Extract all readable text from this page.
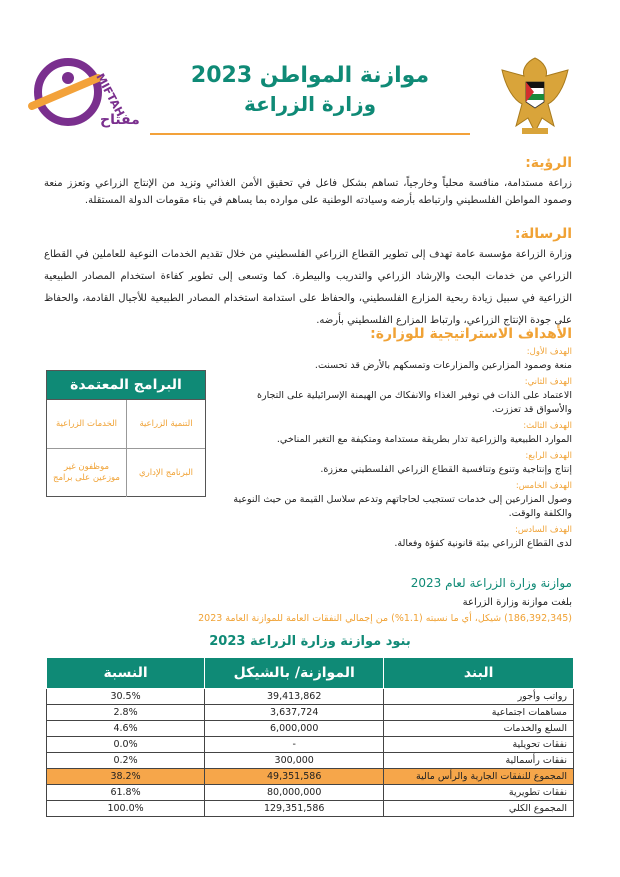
MIFTAH
مفتاح
موازنة المواطن 2023
وزارة الزراعة
الرؤية:
زراعة مستدامة، منافسة محلياً وخارجياً، تساهم بشكل فاعل في تحقيق الأمن الغذائي وتزيد من الإنتاج الزراعي وتعزز منعة وصمود المواطن الفلسطيني وارتباطه بأرضه وسيادته الوطنية على موارده بما يساهم في بناء مقومات الدولة المستقلة.
الرسالة:
وزارة الزراعة مؤسسة عامة تهدف إلى تطوير القطاع الزراعي الفلسطيني من خلال تقديم الخدمات النوعية للعاملين في القطاع الزراعي من خدمات البحث والإرشاد الزراعي والتدريب والبيطرة. كما وتسعى إلى تطوير كفاءة استخدام المصادر الطبيعية الزراعية في سبيل زيادة ربحية المزارع الفلسطيني، والحفاظ على استدامة استخدام المصادر الطبيعية للأجيال القادمة، والحفاظ على جودة الإنتاج الزراعي، وارتباط المزارع الفلسطيني بأرضه.
الأهداف الاستراتيجية للوزارة:
الهدف الأول:
منعة وصمود المزارعين والمزارعات وتمسكهم بالأرض قد تحسنت.
الهدف الثاني:
الاعتماد على الذات في توفير الغذاء والانفكاك من الهيمنة الإسرائيلية على التجارة والأسواق قد تعززت.
الهدف الثالث:
الموارد الطبيعية والزراعية تدار بطريقة مستدامة ومتكيفة مع التغير المناخي.
الهدف الرابع:
إنتاج وإنتاجية وتنوع وتنافسية القطاع الزراعي الفلسطيني معززة.
الهدف الخامس:
وصول المزارعين إلى خدمات تستجيب لحاجاتهم وتدعم سلاسل القيمة من حيث النوعية والكلفة والوقت.
الهدف السادس:
لدى القطاع الزراعي بيئة قانونية كفؤة وفعالة.
البرامج المعتمدة
التنمية الزراعية
الخدمات الزراعية
البرنامج الإداري
موظفون غير موزعين على برامج
موازنة وزارة الزراعة لعام 2023
بلغت موازنة وزارة الزراعة
(186,392,345) شيكل، أي ما نسبته (1.1%) من إجمالي النفقات العامة للموازنة العامة 2023
بنود موازنة وزارة الزراعة 2023
البند	الموازنة/ بالشيكل	النسبة
رواتب وأجور	39,413,862	30.5%
مساهمات اجتماعية	3,637,724	2.8%
السلع والخدمات	6,000,000	4.6%
نفقات تحويلية	-	0.0%
نفقات رأسمالية	300,000	0.2%
المجموع للنفقات الجارية والرأس مالية	49,351,586	38.2%
نفقات تطويرية	80,000,000	61.8%
المجموع الكلي	129,351,586	100.0%
